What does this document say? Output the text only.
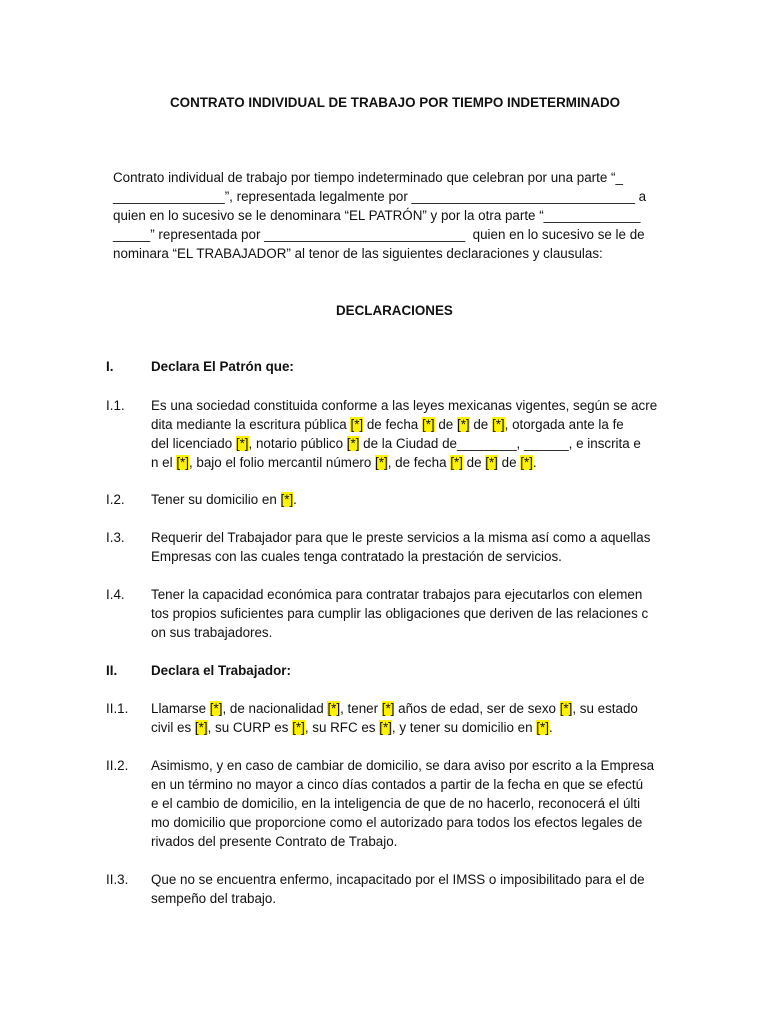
CONTRATO INDIVIDUAL DE TRABAJO POR TIEMPO INDETERMINADO
Contrato individual de trabajo por tiempo indeterminado que celebran por una parte “_
_______________”, representada legalmente por ______________________________ a
quien en lo sucesivo se le denominara “EL PATRÓN” y por la otra parte “_____________
_____” representada por ___________________________  quien en lo sucesivo se le de
nominara “EL TRABAJADOR” al tenor de las siguientes declaraciones y clausulas:
DECLARACIONES
I.	Declara El Patrón que:
I.1. Es una sociedad constituida conforme a las leyes mexicanas vigentes, según se acre
dita mediante la escritura pública [*] de fecha [*] de [*] de [*], otorgada ante la fe
del licenciado [*], notario público [*] de la Ciudad de________, ______, e inscrita e
n el [*], bajo el folio mercantil número [*], de fecha [*] de [*] de [*].
I.2. Tener su domicilio en [*].
I.3. Requerir del Trabajador para que le preste servicios a la misma así como a aquellas
Empresas con las cuales tenga contratado la prestación de servicios.
I.4. Tener la capacidad económica para contratar trabajos para ejecutarlos con elemen
tos propios suficientes para cumplir las obligaciones que deriven de las relaciones c
on sus trabajadores.
II.	Declara el Trabajador:
II.1. Llamarse [*], de nacionalidad [*], tener [*] años de edad, ser de sexo [*], su estado
civil es [*], su CURP es [*], su RFC es [*], y tener su domicilio en [*].
II.2. Asimismo, y en caso de cambiar de domicilio, se dara aviso por escrito a la Empresa
en un término no mayor a cinco días contados a partir de la fecha en que se efectú
e el cambio de domicilio, en la inteligencia de que de no hacerlo, reconocerá el últi
mo domicilio que proporcione como el autorizado para todos los efectos legales de
rivados del presente Contrato de Trabajo.
II.3. Que no se encuentra enfermo, incapacitado por el IMSS o imposibilitado para el de
sempeño del trabajo.
